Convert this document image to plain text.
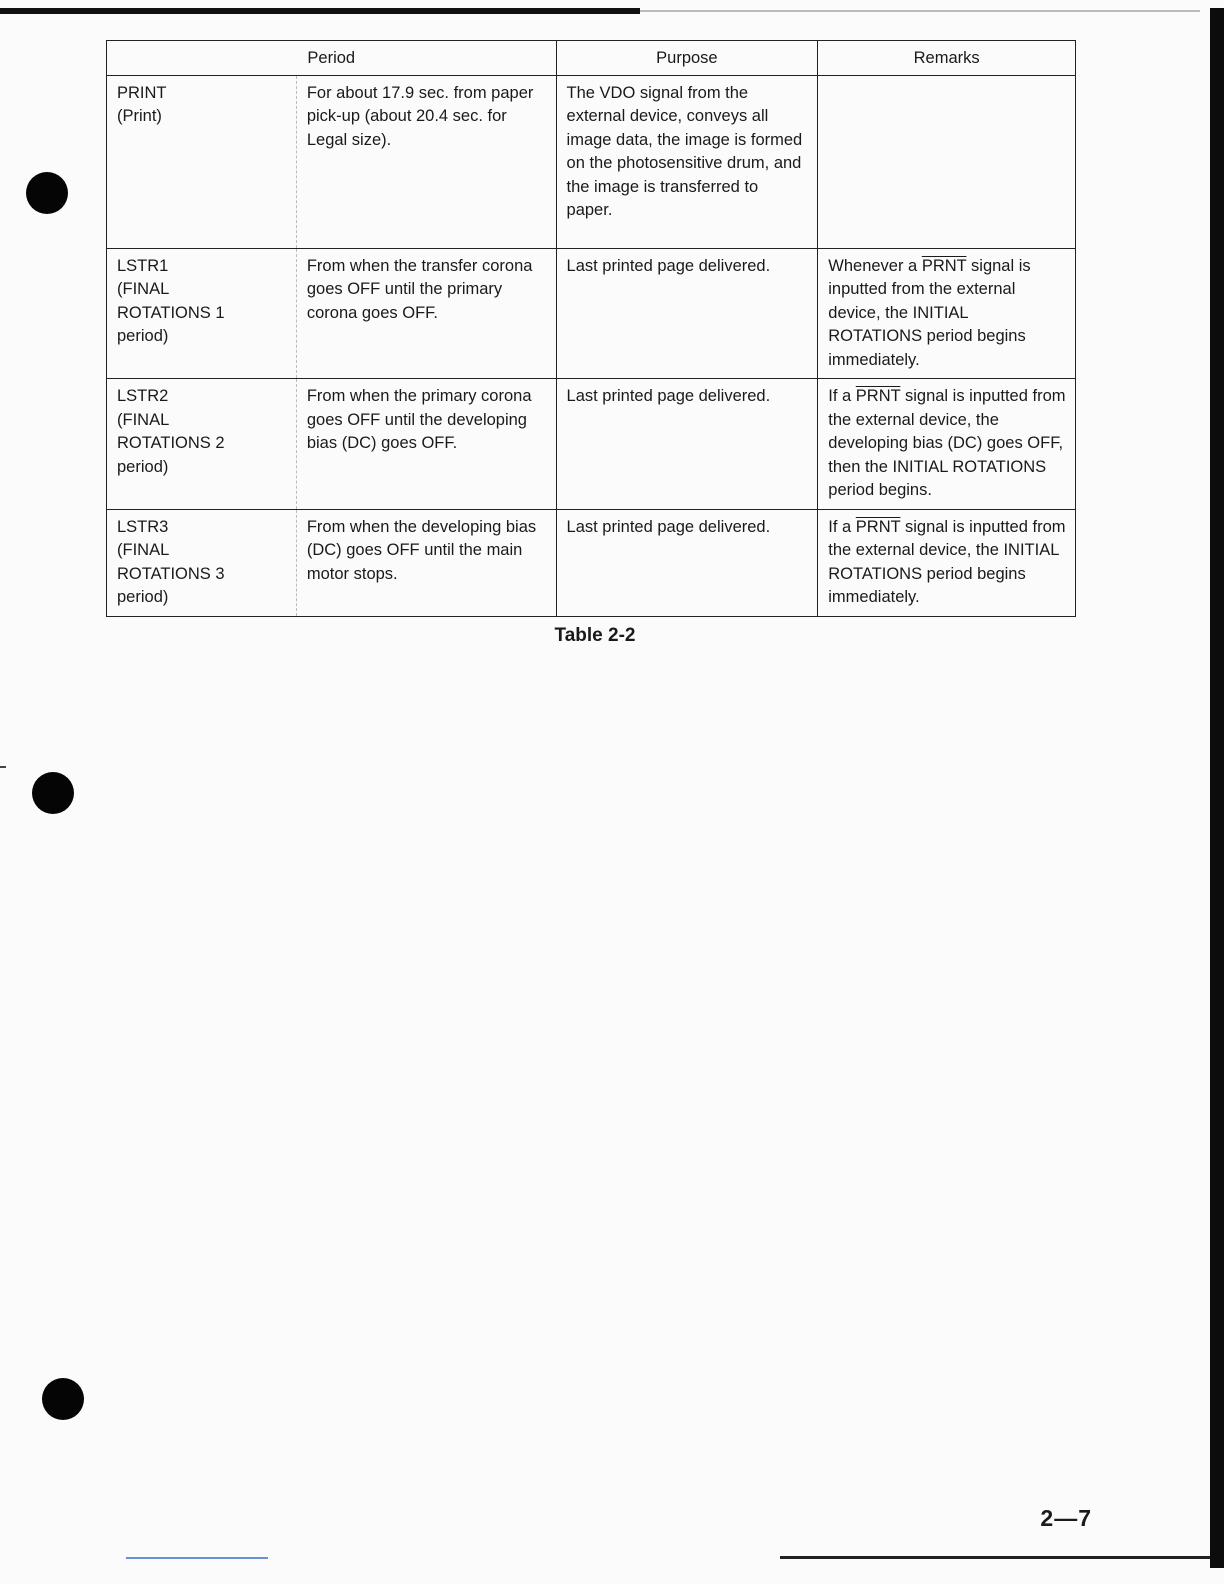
Period		Purpose	Remarks

PRINT
(Print)	For about 17.9 sec. from paper pick-up (about 20.4 sec. for Legal size).	The VDO signal from the external device, conveys all image data, the image is formed on the photosensitive drum, and the image is transferred to paper.	

LSTR1
(FINAL
ROTATIONS 1
period)	From when the transfer corona goes OFF until the primary corona goes OFF.	Last printed page delivered.	Whenever a PRNT signal is inputted from the external device, the INITIAL ROTATIONS period begins immediately.

LSTR2
(FINAL
ROTATIONS 2
period)	From when the primary corona goes OFF until the developing bias (DC) goes OFF.	Last printed page delivered.	If a PRNT signal is inputted from the external device, the developing bias (DC) goes OFF, then the INITIAL ROTATIONS period begins.

LSTR3
(FINAL
ROTATIONS 3
period)	From when the developing bias (DC) goes OFF until the main motor stops.	Last printed page delivered.	If a PRNT signal is inputted from the external device, the INITIAL ROTATIONS period begins immediately.
Table 2-2
2—7
